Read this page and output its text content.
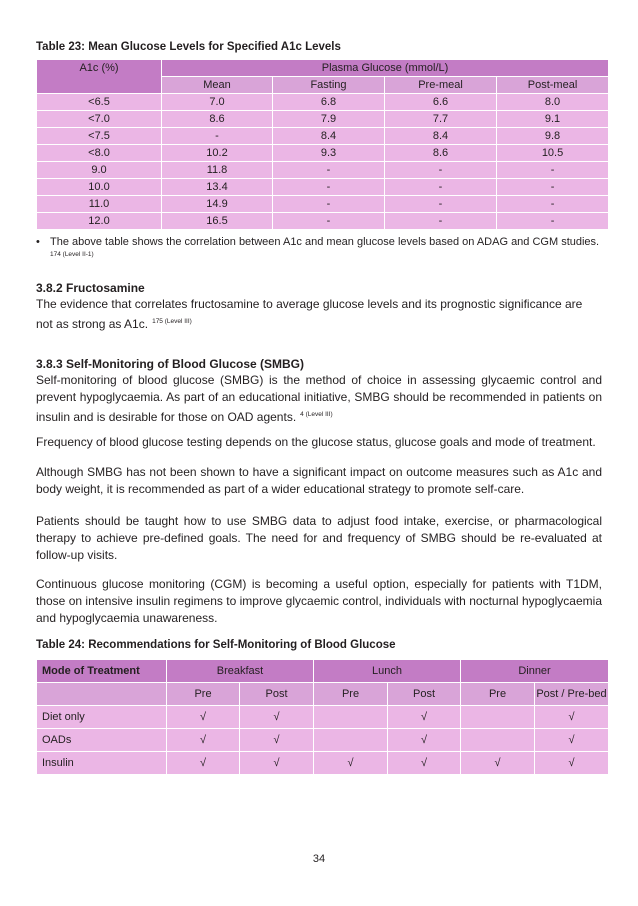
Table 23: Mean Glucose Levels for Specified A1c Levels
A1c (%)	Plasma Glucose (mmol/L)			
	Mean	Fasting	Pre-meal	Post-meal
<6.5	7.0	6.8	6.6	8.0
<7.0	8.6	7.9	7.7	9.1
<7.5	-	8.4	8.4	9.8
<8.0	10.2	9.3	8.6	10.5
9.0	11.8	-	-	-
10.0	13.4	-	-	-
11.0	14.9	-	-	-
12.0	16.5	-	-	-
• The above table shows the correlation between A1c and mean glucose levels based on ADAG and CGM studies.
174 (Level II-1)
3.8.2 Fructosamine

The evidence that correlates fructosamine to average glucose levels and its prognostic significance are not as strong as A1c. $^{175 (Level III)}$

3.8.3 Self-Monitoring of Blood Glucose (SMBG)

Self-monitoring of blood glucose (SMBG) is the method of choice in assessing glycaemic control and prevent hypoglycaemia. As part of an educational initiative, SMBG should be recommended in patients on insulin and is desirable for those on OAD agents. $^{4 (Level III)}$

Frequency of blood glucose testing depends on the glucose status, glucose goals and mode of treatment.

Although SMBG has not been shown to have a significant impact on outcome measures such as A1c and body weight, it is recommended as part of a wider educational strategy to promote self-care.

Patients should be taught how to use SMBG data to adjust food intake, exercise, or pharmacological therapy to achieve pre-defined goals. The need for and frequency of SMBG should be re-evaluated at follow-up visits.

Continuous glucose monitoring (CGM) is becoming a useful option, especially for patients with T1DM, those on intensive insulin regimens to improve glycaemic control, individuals with nocturnal hypoglycaemia and hypoglycaemia unawareness.

Table 24: Recommendations for Self-Monitoring of Blood Glucose
Mode of Treatment	Breakfast		Lunch		Dinner	
	Pre	Post	Pre	Post	Pre	Post / Pre-bed
Diet only	√	√		√		√
OADs	√	√		√		√
Insulin	√	√	√	√	√	√
34
